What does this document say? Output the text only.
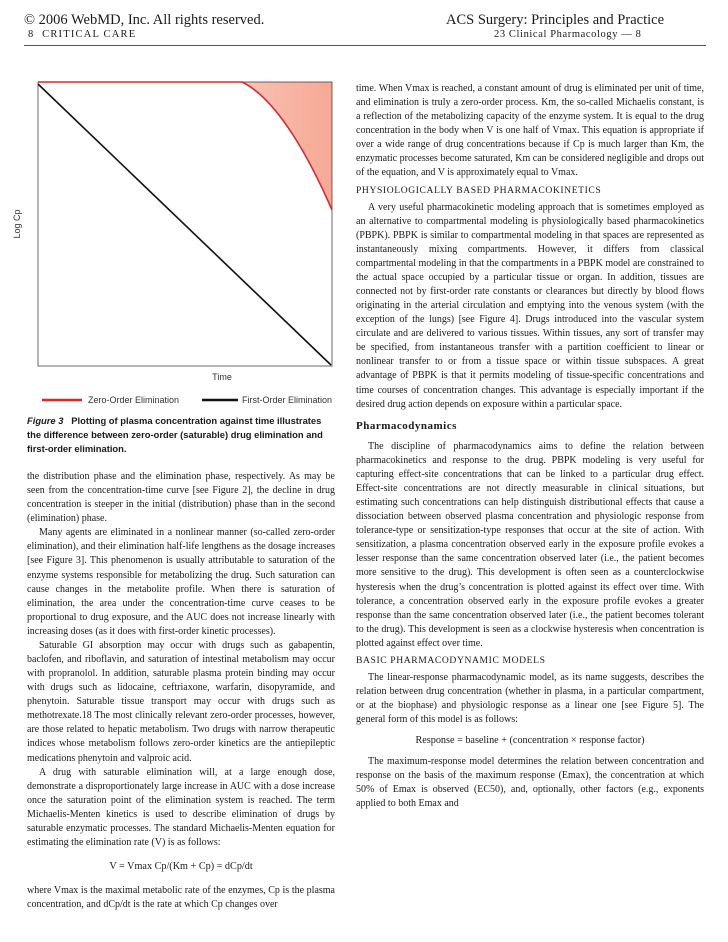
© 2006 WebMD, Inc. All rights reserved.	ACS Surgery: Principles and Practice
8 CRITICAL CARE	23 Clinical Pharmacology — 8
Log Cp
Time
Zero-Order Elimination	First-Order Elimination
Figure 3 Plotting of plasma concentration against time illustrates the difference between zero-order (saturable) drug elimination and first-order elimination.

the distribution phase and the elimination phase, respectively. As may be seen from the concentration-time curve [see Figure 2], the decline in drug concentration is steeper in the initial (distribution) phase than in the second (elimination) phase.

Many agents are eliminated in a nonlinear manner (so-called zero-order elimination), and their elimination half-life lengthens as the dosage increases [see Figure 3]. This phenomenon is usually attributable to saturation of the enzyme systems responsible for metabolizing the drug. Such saturation can cause changes in the metabolite profile. When there is saturation of elimination, the area under the concentration-time curve ceases to be proportional to drug exposure, and the AUC does not increase linearly with increasing doses (as it does with first-order kinetic processes).

Saturable GI absorption may occur with drugs such as gabapentin, baclofen, and riboflavin, and saturation of intestinal metabolism may occur with propranolol. In addition, saturable plasma protein binding may occur with drugs such as lidocaine, ceftriaxone, warfarin, disopyramide, and phenytoin. Saturable tissue transport may occur with drugs such as methotrexate.18 The most clinically relevant zero-order processes, however, are those related to hepatic metabolism. Two drugs with narrow therapeutic indices whose metabolism follows zero-order kinetics are the antiepileptic medications phenytoin and valproic acid.

A drug with saturable elimination will, at a large enough dose, demonstrate a disproportionately large increase in AUC with a dose increase once the saturation point of the elimination system is reached. The term Michaelis-Menten kinetics is used to describe elimination of drugs by saturable enzymatic processes. The standard Michaelis-Menten equation for estimating the elimination rate (V) is as follows:

V = Vmax Cp/(Km + Cp) = dCp/dt

where Vmax is the maximal metabolic rate of the enzymes, Cp is the plasma concentration, and dCp/dt is the rate at which Cp changes over

time. When Vmax is reached, a constant amount of drug is eliminated per unit of time, and elimination is truly a zero-order process. Km, the so-called Michaelis constant, is a reflection of the metabolizing capacity of the enzyme system. It is equal to the drug concentration in the body when V is one half of Vmax. This equation is appropriate if over a wide range of drug concentrations because if Cp is much larger than Km, the enzymatic processes become saturated, Km can be considered negligible and drops out of the equation, and V is approximately equal to Vmax.

PHYSIOLOGICALLY BASED PHARMACOKINETICS

A very useful pharmacokinetic modeling approach that is sometimes employed as an alternative to compartmental modeling is physiologically based pharmacokinetics (PBPK). PBPK is similar to compartmental modeling in that spaces are represented as instantaneously mixing compartments. However, it differs from classical compartmental modeling in that the compartments in a PBPK model are constrained to the actual space occupied by a particular tissue or organ. In addition, tissues are connected not by first-order rate constants or clearances but directly by blood flows originating in the arterial circulation and emptying into the venous system (with the exception of the lungs) [see Figure 4]. Drugs introduced into the vascular system circulate and are delivered to various tissues. Within tissues, any sort of transfer may be specified, from instantaneous transfer with a partition coefficient to linear or nonlinear transfer to or from a tissue space or within tissue subspaces. A great advantage of PBPK is that it permits modeling of tissue-specific concentrations and time courses of concentration changes. This advantage is especially important if the desired drug action depends on exposure within a particular space.

Pharmacodynamics

The discipline of pharmacodynamics aims to define the relation between pharmacokinetics and response to the drug. PBPK modeling is very useful for capturing effect-site concentrations that can be linked to a particular drug effect. Effect-site concentrations are not directly measurable in clinical situations, but estimating such concentrations can help distinguish distributional effects that cause a dissociation between observed plasma concentration and physiologic response from tolerance-type or sensitization-type responses that occur at the site of action. With sensitization, a plasma concentration observed early in the exposure profile evokes a lesser response than the same concentration observed later (i.e., the patient becomes more sensitive to the drug). This development is often seen as a counterclockwise hysteresis when the drug’s concentration is plotted against its effect over time. With tolerance, a concentration observed early in the exposure profile evokes a greater response than the same concentration observed later (i.e., the patient becomes tolerant to the drug). This development is seen as a clockwise hysteresis when concentration is plotted against effect over time.

BASIC PHARMACODYNAMIC MODELS

The linear-response pharmacodynamic model, as its name suggests, describes the relation between drug concentration (whether in plasma, in a particular compartment, or at the biophase) and physiologic response as a linear one [see Figure 5]. The general form of this model is as follows:

Response = baseline + (concentration × response factor)

The maximum-response model determines the relation between concentration and response on the basis of the maximum response (Emax), the concentration at which 50% of Emax is observed (EC50), and, optionally, other factors (e.g., exponents applied to both Emax and
